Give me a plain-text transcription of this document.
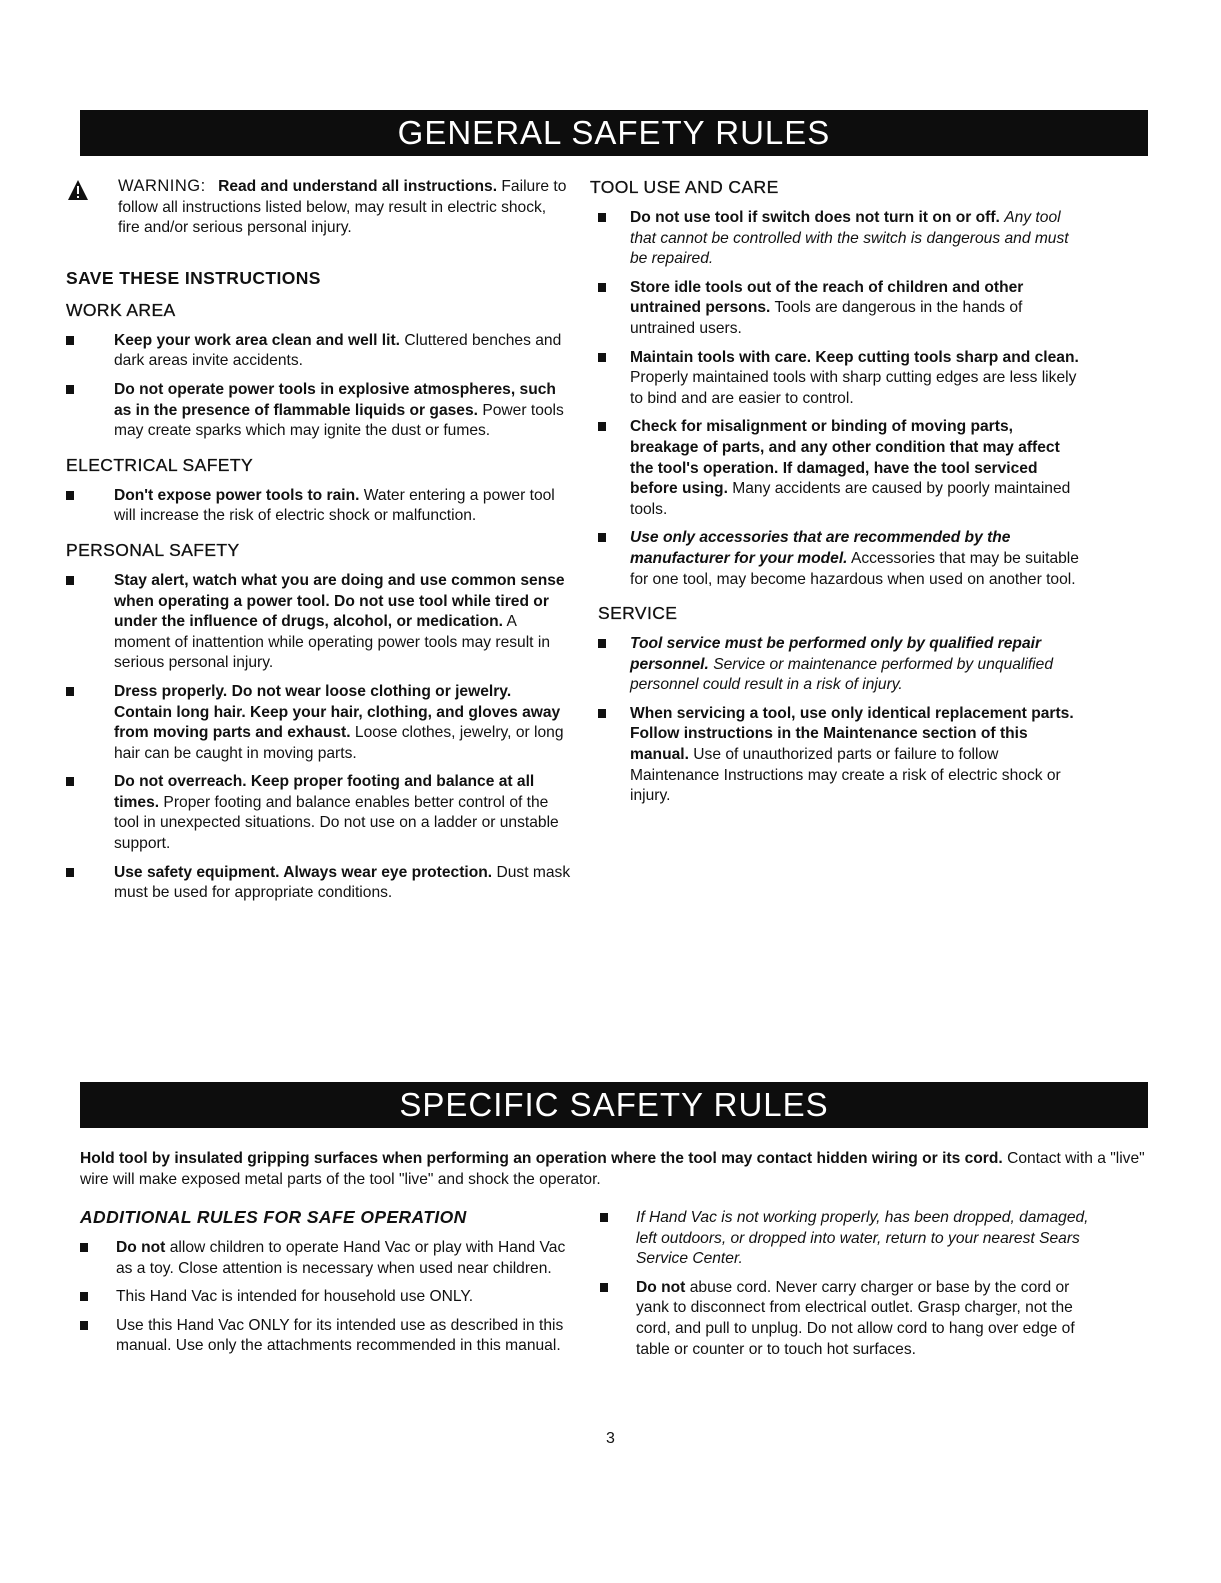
GENERAL SAFETY RULES
WARNING: Read and understand all instructions. Failure to follow all instructions listed below, may result in electric shock, fire and/or serious personal injury.
SAVE THESE INSTRUCTIONS
WORK AREA
Keep your work area clean and well lit. Cluttered benches and dark areas invite accidents.
Do not operate power tools in explosive atmospheres, such as in the presence of flammable liquids or gases. Power tools may create sparks which may ignite the dust or fumes.
ELECTRICAL SAFETY
Don't expose power tools to rain. Water entering a power tool will increase the risk of electric shock or malfunction.
PERSONAL SAFETY
Stay alert, watch what you are doing and use common sense when operating a power tool. Do not use tool while tired or under the influence of drugs, alcohol, or medication. A moment of inattention while operating power tools may result in serious personal injury.
Dress properly. Do not wear loose clothing or jewelry. Contain long hair. Keep your hair, clothing, and gloves away from moving parts and exhaust. Loose clothes, jewelry, or long hair can be caught in moving parts.
Do not overreach. Keep proper footing and balance at all times. Proper footing and balance enables better control of the tool in unexpected situations. Do not use on a ladder or unstable support.
Use safety equipment. Always wear eye protection. Dust mask must be used for appropriate conditions.
TOOL USE AND CARE
Do not use tool if switch does not turn it on or off. Any tool that cannot be controlled with the switch is dangerous and must be repaired.
Store idle tools out of the reach of children and other untrained persons. Tools are dangerous in the hands of untrained users.
Maintain tools with care. Keep cutting tools sharp and clean. Properly maintained tools with sharp cutting edges are less likely to bind and are easier to control.
Check for misalignment or binding of moving parts, breakage of parts, and any other condition that may affect the tool's operation. If damaged, have the tool serviced before using. Many accidents are caused by poorly maintained tools.
Use only accessories that are recommended by the manufacturer for your model. Accessories that may be suitable for one tool, may become hazardous when used on another tool.
SERVICE
Tool service must be performed only by qualified repair personnel. Service or maintenance performed by unqualified personnel could result in a risk of injury.
When servicing a tool, use only identical replacement parts. Follow instructions in the Maintenance section of this manual. Use of unauthorized parts or failure to follow Maintenance Instructions may create a risk of electric shock or injury.
SPECIFIC SAFETY RULES
Hold tool by insulated gripping surfaces when performing an operation where the tool may contact hidden wiring or its cord. Contact with a "live" wire will make exposed metal parts of the tool "live" and shock the operator.
ADDITIONAL RULES FOR SAFE OPERATION
Do not allow children to operate Hand Vac or play with Hand Vac as a toy. Close attention is necessary when used near children.
This Hand Vac is intended for household use ONLY.
Use this Hand Vac ONLY for its intended use as described in this manual. Use only the attachments recommended in this manual.
If Hand Vac is not working properly, has been dropped, damaged, left outdoors, or dropped into water, return to your nearest Sears Service Center.
Do not abuse cord. Never carry charger or base by the cord or yank to disconnect from electrical outlet. Grasp charger, not the cord, and pull to unplug. Do not allow cord to hang over edge of table or counter or to touch hot surfaces.
3
